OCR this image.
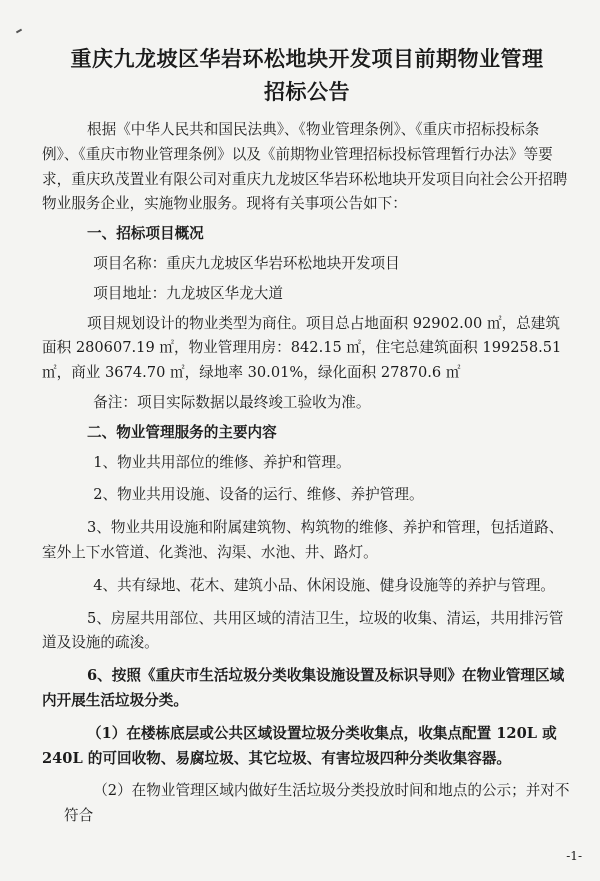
重庆九龙坡区华岩环松地块开发项目前期物业管理
招标公告

根据《中华人民共和国民法典》、《物业管理条例》、《重庆市招标投标条例》、《重庆市物业管理条例》以及《前期物业管理招标投标管理暂行办法》等要求，重庆玖茂置业有限公司对重庆九龙坡区华岩环松地块开发项目向社会公开招聘物业服务企业，实施物业服务。现将有关事项公告如下：

一、招标项目概况

项目名称：重庆九龙坡区华岩环松地块开发项目

项目地址：九龙坡区华龙大道

项目规划设计的物业类型为商住。项目总占地面积 92902.00 ㎡，总建筑面积 280607.19 ㎡，物业管理用房：842.15 ㎡，住宅总建筑面积 199258.51 ㎡，商业 3674.70 ㎡，绿地率 30.01%，绿化面积 27870.6 ㎡

备注：项目实际数据以最终竣工验收为准。

二、物业管理服务的主要内容

1、物业共用部位的维修、养护和管理。

2、物业共用设施、设备的运行、维修、养护管理。

3、物业共用设施和附属建筑物、构筑物的维修、养护和管理，包括道路、室外上下水管道、化粪池、沟渠、水池、井、路灯。

4、共有绿地、花木、建筑小品、休闲设施、健身设施等的养护与管理。

5、房屋共用部位、共用区域的清洁卫生，垃圾的收集、清运，共用排污管道及设施的疏浚。

6、按照《重庆市生活垃圾分类收集设施设置及标识导则》在物业管理区域内开展生活垃圾分类。

（1）在楼栋底层或公共区域设置垃圾分类收集点，收集点配置 120L 或 240L 的可回收物、易腐垃圾、其它垃圾、有害垃圾四种分类收集容器。

（2）在物业管理区域内做好生活垃圾分类投放时间和地点的公示；并对不符合

-1-
